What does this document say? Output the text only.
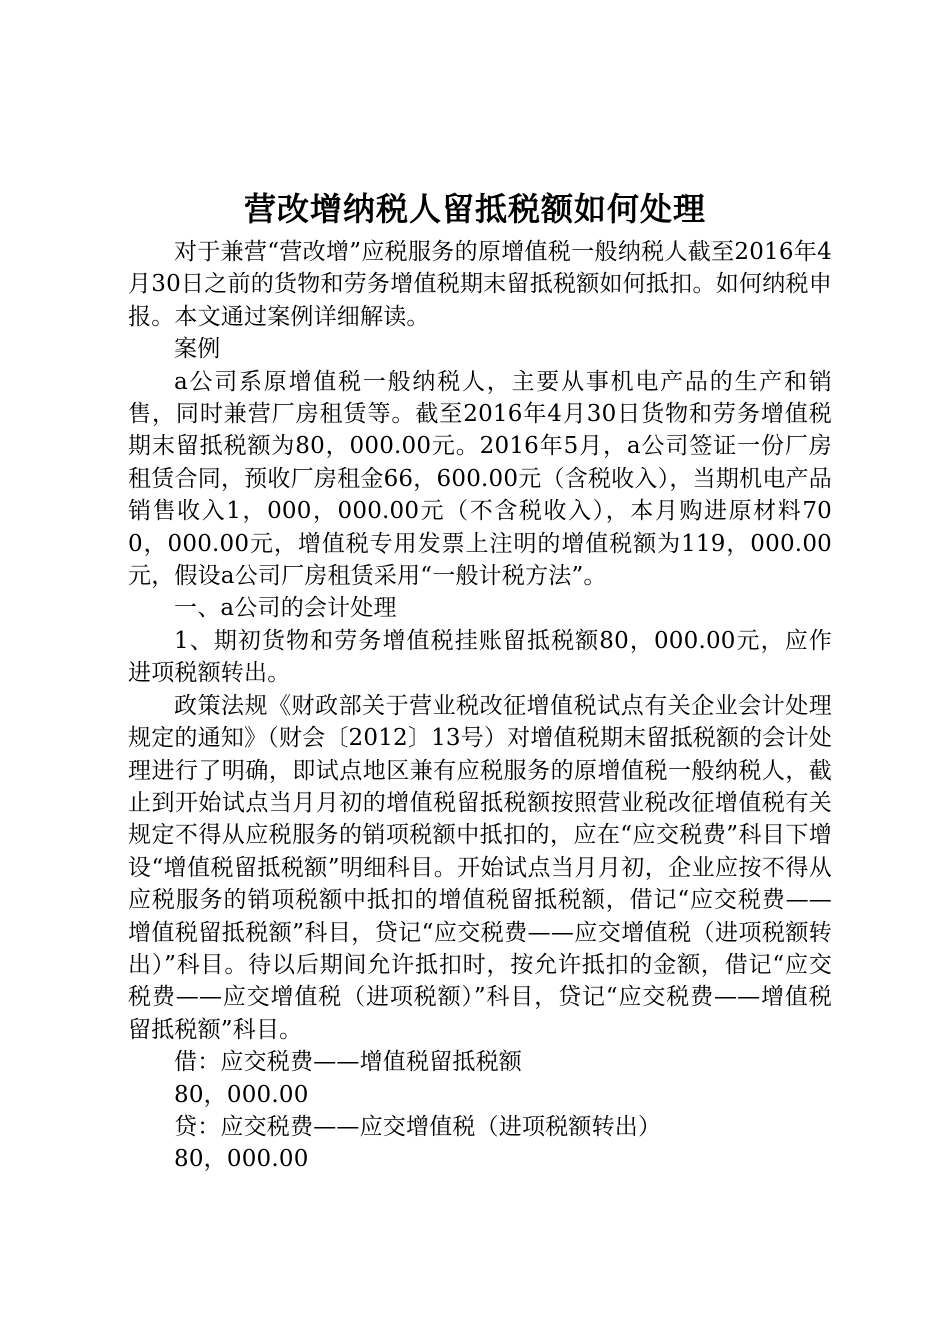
营改增纳税人留抵税额如何处理

对于兼营“营改增”应税服务的原增值税一般纳税人截至2016年4月30日之前的货物和劳务增值税期末留抵税额如何抵扣。如何纳税申报。本文通过案例详细解读。

案例

a公司系原增值税一般纳税人，主要从事机电产品的生产和销售，同时兼营厂房租赁等。截至2016年4月30日货物和劳务增值税期末留抵税额为80，000.00元。2016年5月，a公司签证一份厂房租赁合同，预收厂房租金66，600.00元（含税收入），当期机电产品销售收入1，000，000.00元（不含税收入），本月购进原材料700，000.00元，增值税专用发票上注明的增值税额为119，000.00元，假设a公司厂房租赁采用“一般计税方法”。

一、a公司的会计处理

1、期初货物和劳务增值税挂账留抵税额80，000.00元，应作进项税额转出。

政策法规《财政部关于营业税改征增值税试点有关企业会计处理规定的通知》（财会〔2012〕13号）对增值税期末留抵税额的会计处理进行了明确，即试点地区兼有应税服务的原增值税一般纳税人，截止到开始试点当月月初的增值税留抵税额按照营业税改征增值税有关规定不得从应税服务的销项税额中抵扣的，应在“应交税费”科目下增设“增值税留抵税额”明细科目。开始试点当月月初，企业应按不得从应税服务的销项税额中抵扣的增值税留抵税额，借记“应交税费——增值税留抵税额”科目，贷记“应交税费——应交增值税（进项税额转出）”科目。待以后期间允许抵扣时，按允许抵扣的金额，借记“应交税费——应交增值税（进项税额）”科目，贷记“应交税费——增值税留抵税额”科目。

借：应交税费——增值税留抵税额

80，000.00

贷：应交税费——应交增值税（进项税额转出）

80，000.00
